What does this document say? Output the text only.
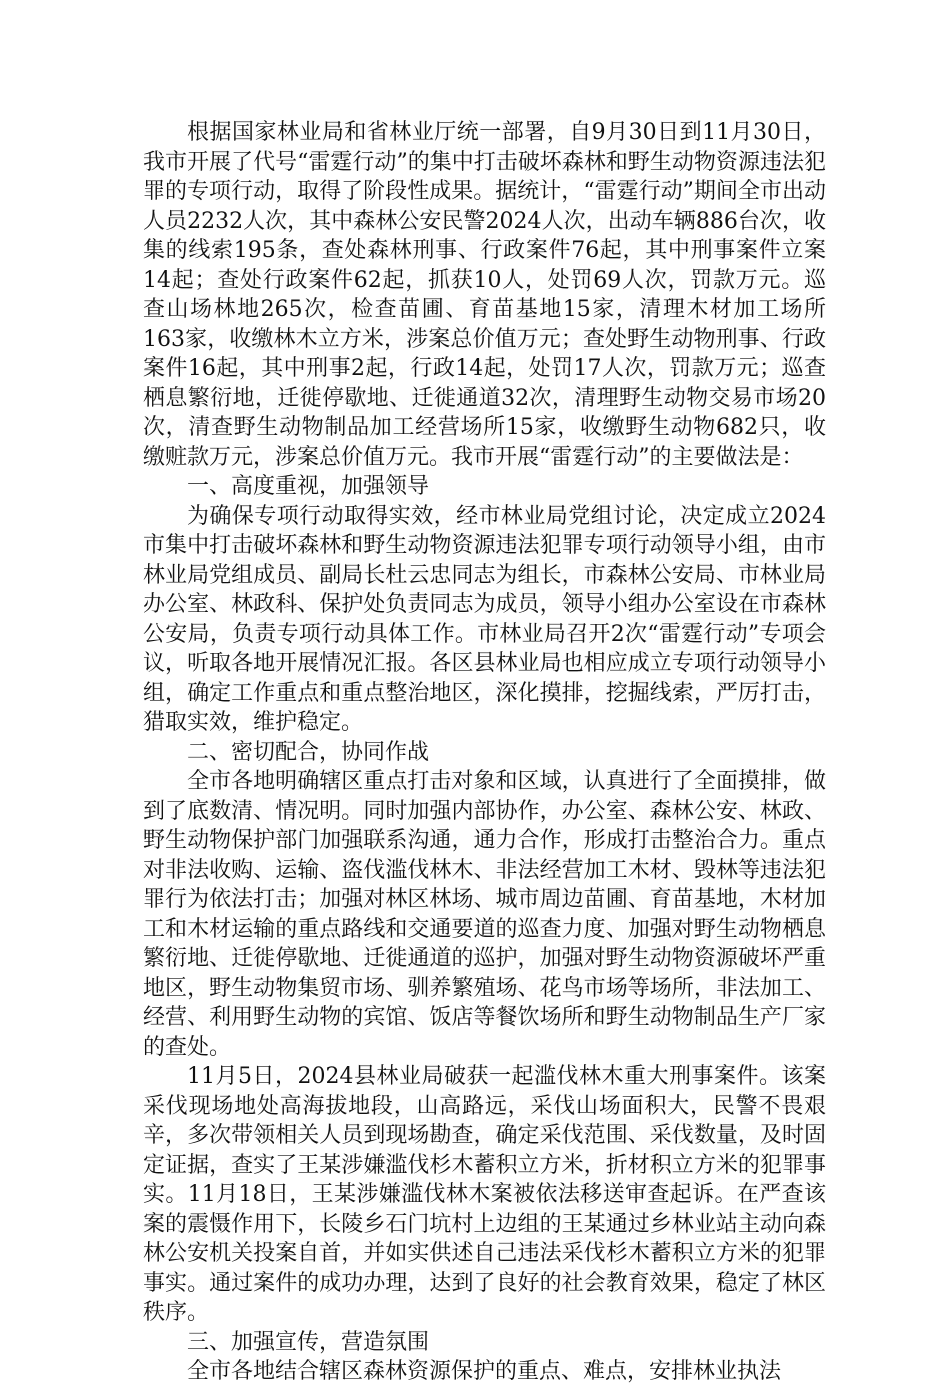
根据国家林业局和省林业厅统一部署，自9月30日到11月30日，我市开展了代号“雷霆行动”的集中打击破坏森林和野生动物资源违法犯罪的专项行动，取得了阶段性成果。据统计，“雷霆行动”期间全市出动人员2232人次，其中森林公安民警2024人次，出动车辆886台次，收集的线索195条，查处森林刑事、行政案件76起，其中刑事案件立案14起；查处行政案件62起，抓获10人，处罚69人次，罚款万元。巡查山场林地265次，检查苗圃、育苗基地15家，清理木材加工场所163家，收缴林木立方米，涉案总价值万元；查处野生动物刑事、行政案件16起，其中刑事2起，行政14起，处罚17人次，罚款万元；巡查栖息繁衍地，迁徙停歇地、迁徙通道32次，清理野生动物交易市场20次，清查野生动物制品加工经营场所15家，收缴野生动物682只，收缴赃款万元，涉案总价值万元。我市开展“雷霆行动”的主要做法是：

一、高度重视，加强领导

为确保专项行动取得实效，经市林业局党组讨论，决定成立2024市集中打击破坏森林和野生动物资源违法犯罪专项行动领导小组，由市林业局党组成员、副局长杜云忠同志为组长，市森林公安局、市林业局办公室、林政科、保护处负责同志为成员，领导小组办公室设在市森林公安局，负责专项行动具体工作。市林业局召开2次“雷霆行动”专项会议，听取各地开展情况汇报。各区县林业局也相应成立专项行动领导小组，确定工作重点和重点整治地区，深化摸排，挖掘线索，严厉打击，猎取实效，维护稳定。

二、密切配合，协同作战

全市各地明确辖区重点打击对象和区域，认真进行了全面摸排，做到了底数清、情况明。同时加强内部协作，办公室、森林公安、林政、野生动物保护部门加强联系沟通，通力合作，形成打击整治合力。重点对非法收购、运输、盗伐滥伐林木、非法经营加工木材、毁林等违法犯罪行为依法打击；加强对林区林场、城市周边苗圃、育苗基地，木材加工和木材运输的重点路线和交通要道的巡查力度、加强对野生动物栖息繁衍地、迁徙停歇地、迁徙通道的巡护，加强对野生动物资源破坏严重地区，野生动物集贸市场、驯养繁殖场、花鸟市场等场所，非法加工、经营、利用野生动物的宾馆、饭店等餐饮场所和野生动物制品生产厂家的查处。

11月5日，2024县林业局破获一起滥伐林木重大刑事案件。该案采伐现场地处高海拔地段，山高路远，采伐山场面积大，民警不畏艰辛，多次带领相关人员到现场勘查，确定采伐范围、采伐数量，及时固定证据，查实了王某涉嫌滥伐杉木蓄积立方米，折材积立方米的犯罪事实。11月18日，王某涉嫌滥伐林木案被依法移送审查起诉。在严查该案的震慑作用下，长陵乡石门坑村上边组的王某通过乡林业站主动向森林公安机关投案自首，并如实供述自己违法采伐杉木蓄积立方米的犯罪事实。通过案件的成功办理，达到了良好的社会教育效果，稳定了林区秩序。

三、加强宣传，营造氛围

全市各地结合辖区森林资源保护的重点、难点，安排林业执法
